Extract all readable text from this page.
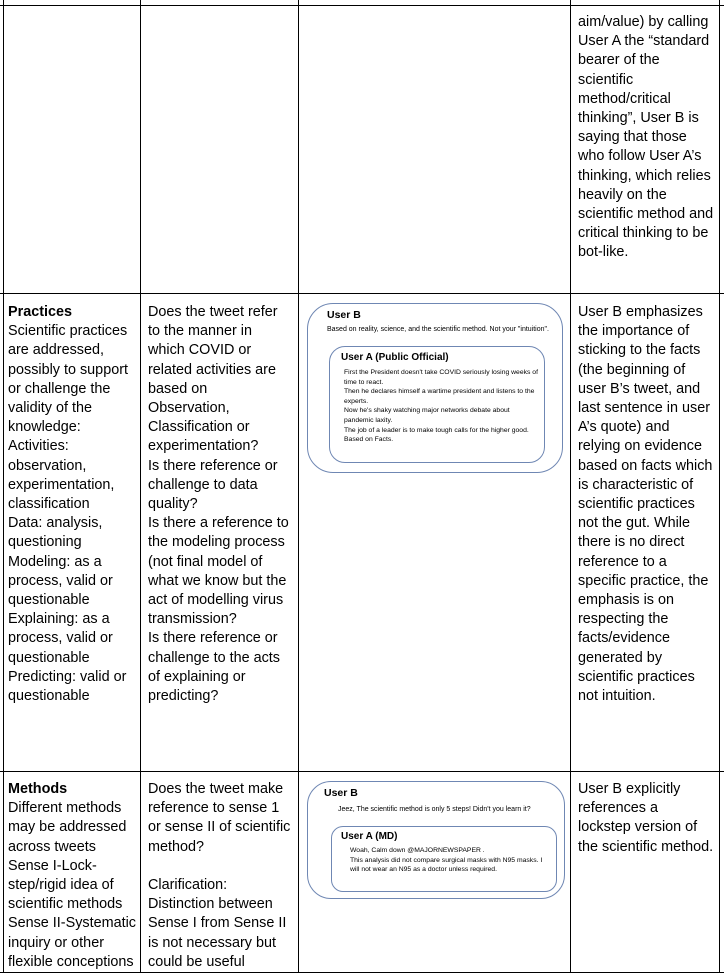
aim/value) by calling User A the “standard bearer of the scientific method/critical thinking”, User B is saying that those who follow User A’s thinking, which relies heavily on the scientific method and critical thinking to be bot-like.
Practices
Scientific practices are addressed, possibly to support or challenge the validity of the knowledge:
Activities: observation, experimentation, classification
Data: analysis, questioning
Modeling: as a process, valid or questionable
Explaining: as a process, valid or questionable
Predicting: valid or questionable
Does the tweet refer to the manner in which COVID or related activities are based on Observation, Classification or experimentation?
Is there reference or challenge to data quality?
Is there a reference to the modeling process (not final model of what we know but the act of modelling virus transmission?
Is there reference or challenge to the acts of explaining or predicting?
User B
Based on reality, science, and the scientific method. Not your "intuition".
User A (Public Official)
First the President doesn't take COVID seriously losing weeks of time to react.
Then he declares himself a wartime president and listens to the experts.
Now he's shaky watching major networks debate about pandemic laxity.
The job of a leader is to make tough calls for the higher good.
Based on Facts.
User B emphasizes the importance of sticking to the facts (the beginning of user B’s tweet, and last sentence in user A’s quote) and relying on evidence based on facts which is characteristic of scientific practices not the gut. While there is no direct reference to a specific practice, the emphasis is on respecting the facts/evidence generated by scientific practices not intuition.
Methods
Different methods may be addressed across tweets
Sense I-Lock-step/rigid idea of scientific methods
Sense II-Systematic inquiry or other flexible conceptions
Does the tweet make reference to sense 1 or sense II of scientific method?

Clarification: Distinction between Sense I from Sense II is not necessary but could be useful
User B
Jeez, The scientific method is only 5 steps! Didn't you learn it?
User A (MD)
Woah, Calm down @MAJORNEWSPAPER .
This analysis did not compare surgical masks with N95 masks. I will not wear an N95 as a doctor unless required.
User B explicitly references a lockstep version of the scientific method.
